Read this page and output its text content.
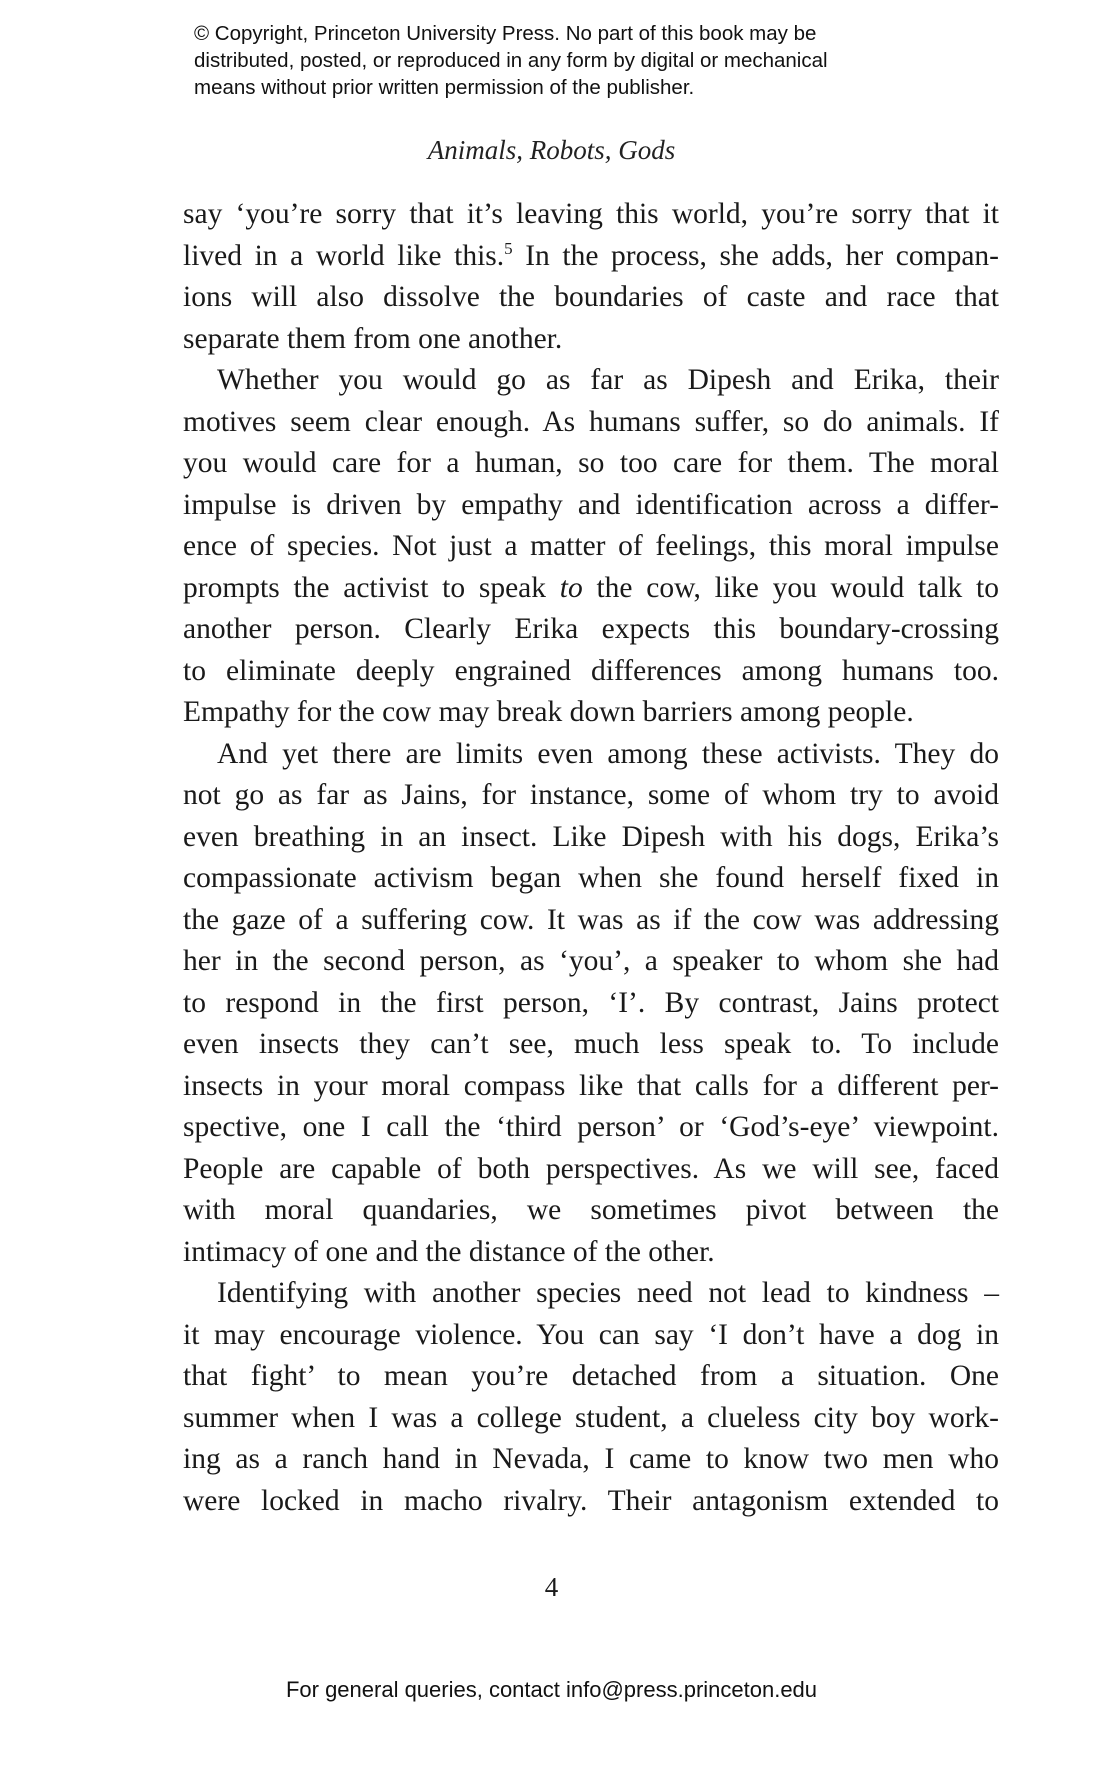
© Copyright, Princeton University Press. No part of this book may be
distributed, posted, or reproduced in any form by digital or mechanical
means without prior written permission of the publisher.
Animals, Robots, Gods
say ‘you’re sorry that it’s leaving this world, you’re sorry that it
lived in a world like this.$^5$ In the process, she adds, her compan-
ions will also dissolve the boundaries of caste and race that
separate them from one another.
Whether you would go as far as Dipesh and Erika, their
motives seem clear enough. As humans suffer, so do animals. If
you would care for a human, so too care for them. The moral
impulse is driven by empathy and identification across a differ-
ence of species. Not just a matter of feelings, this moral impulse
prompts the activist to speak to the cow, like you would talk to
another person. Clearly Erika expects this boundary-crossing
to eliminate deeply engrained differences among humans too.
Empathy for the cow may break down barriers among people.
And yet there are limits even among these activists. They do
not go as far as Jains, for instance, some of whom try to avoid
even breathing in an insect. Like Dipesh with his dogs, Erika’s
compassionate activism began when she found herself fixed in
the gaze of a suffering cow. It was as if the cow was addressing
her in the second person, as ‘you’, a speaker to whom she had
to respond in the first person, ‘I’. By contrast, Jains protect
even insects they can’t see, much less speak to. To include
insects in your moral compass like that calls for a different per-
spective, one I call the ‘third person’ or ‘God’s-eye’ viewpoint.
People are capable of both perspectives. As we will see, faced
with moral quandaries, we sometimes pivot between the
intimacy of one and the distance of the other.
Identifying with another species need not lead to kindness –
it may encourage violence. You can say ‘I don’t have a dog in
that fight’ to mean you’re detached from a situation. One
summer when I was a college student, a clueless city boy work-
ing as a ranch hand in Nevada, I came to know two men who
were locked in macho rivalry. Their antagonism extended to
4
For general queries, contact info@press.princeton.edu
